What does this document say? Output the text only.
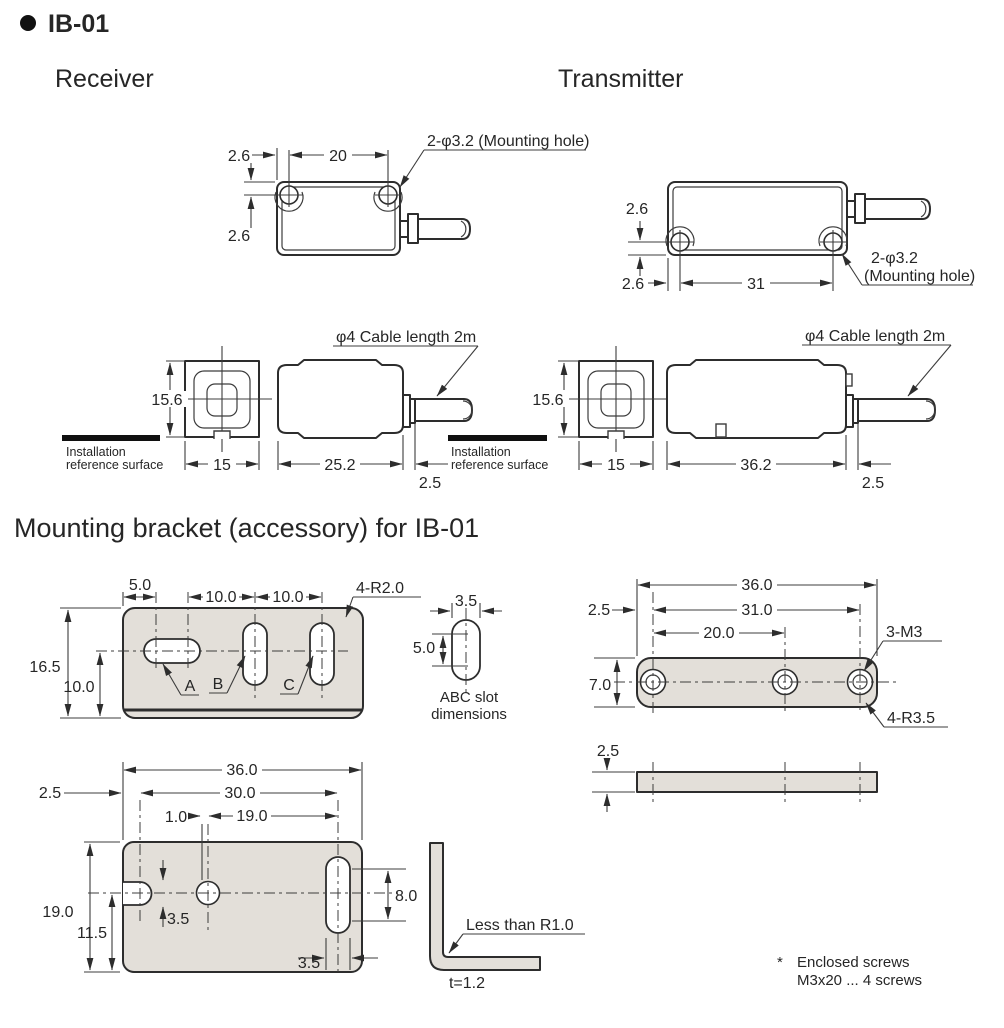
IB-01
Receiver	Transmitter
20
2.6
2.6
2-φ3.2 (Mounting hole)
2.6
2.6	31
2-φ3.2
(Mounting hole)
15.6
15
Installation
reference surface
φ4 Cable length 2m
25.2
2.5
15.6
15
Installation
reference surface
φ4 Cable length 2m
36.2
2.5
Mounting bracket (accessory) for IB-01
5.0
10.0 10.0
4-R2.0
16.5
10.0	A B	C
3.5
5.0
ABC slot
dimensions
36.0
31.0
2.5
20.0
7.0
3-M3
4-R3.5
2.5
36.0
2.5	30.0
1.0	19.0
19.0
11.5
3.5
8.0
3.5
Less than R1.0
t=1.2
* Enclosed screws
M3x20 ... 4 screws
